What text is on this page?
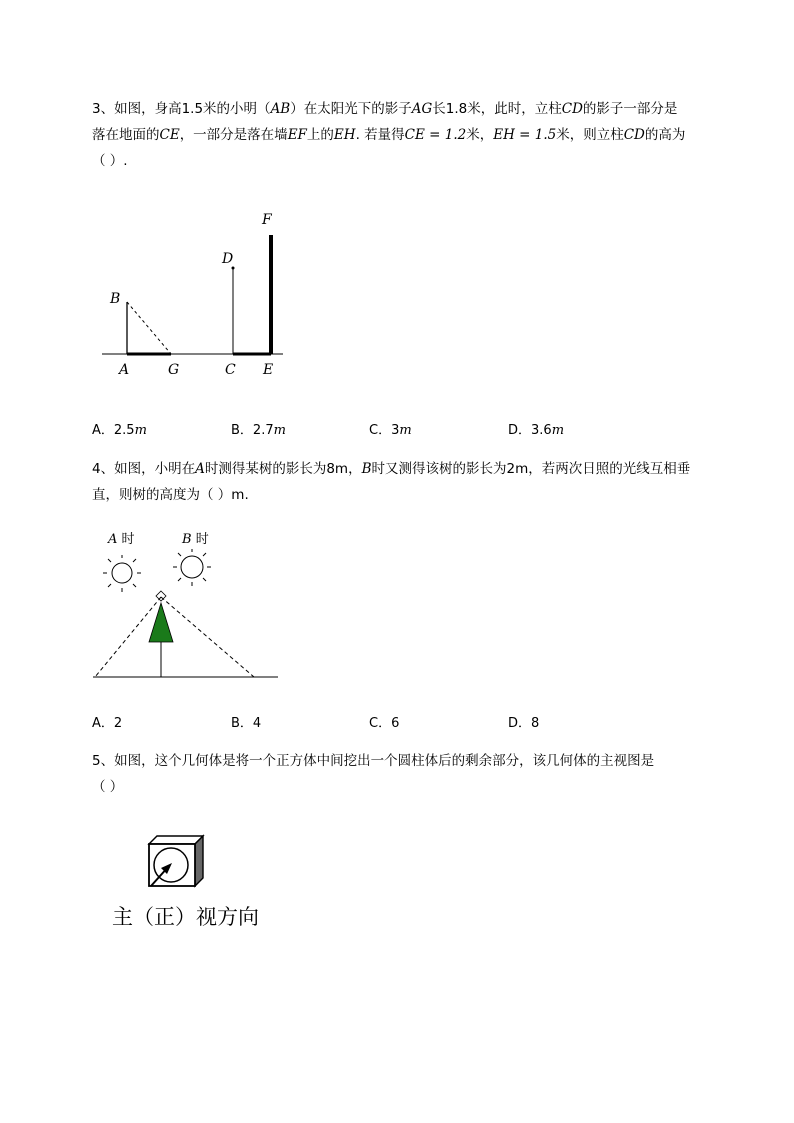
3、如图，身高1.5米的小明（AB）在太阳光下的影子AG长1.8米，此时，立柱CD的影子一部分是
落在地面的CE，一部分是落在墙EF上的EH. 若量得CE = 1.2米，EH = 1.5米，则立柱CD的高为
（ ）.
B
A	G
D
C E
F
A．2.5m	B．2.7m	C．3m	D．3.6m
4、如图，小明在A时测得某树的影长为8m，B时又测得该树的影长为2m，若两次日照的光线互相垂
直，则树的高度为（ ）m.
A 时	B 时
A．2	B．4	C．6	D．8
5、如图，这个几何体是将一个正方体中间挖出一个圆柱体后的剩余部分，该几何体的主视图是
（ ）
主（正）视方向
